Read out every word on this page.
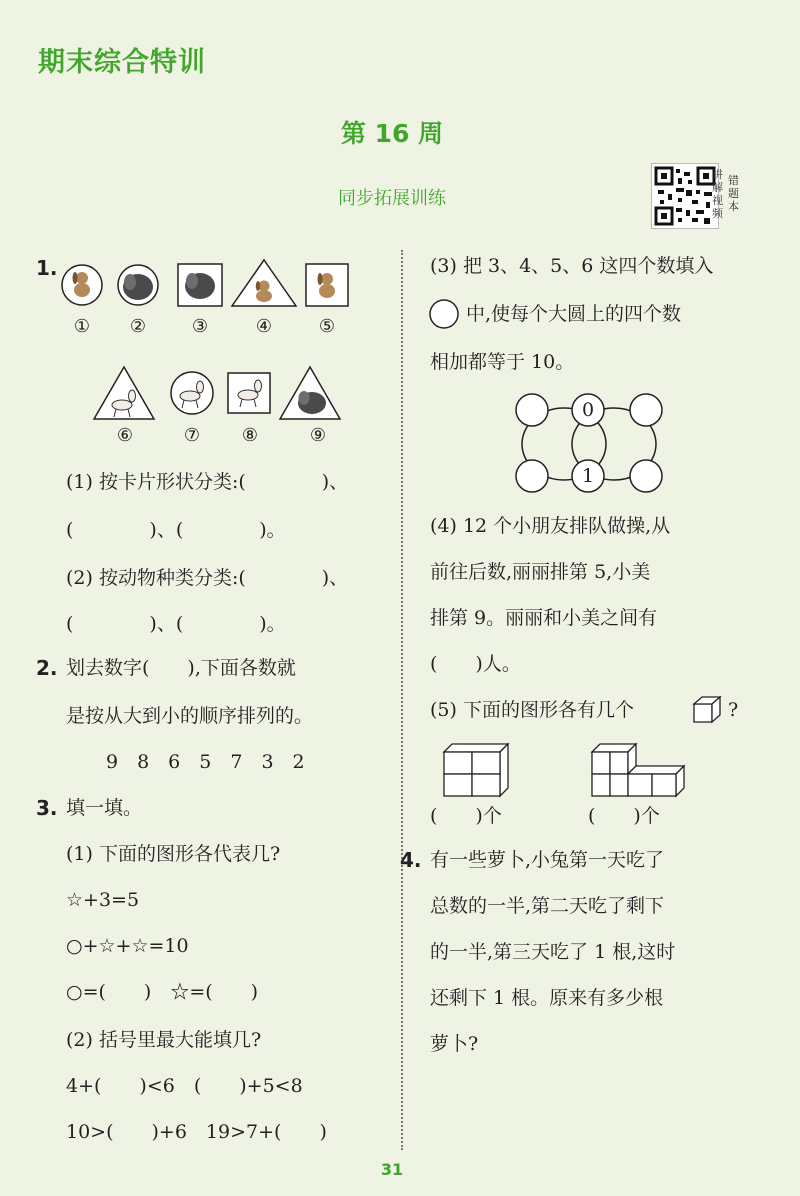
期末综合特训
第 16 周
同步拓展训练
讲解视频
错题本
1.
①	②	③	④	⑤
⑥	⑦	⑧	⑨
(1) 按卡片形状分类:(　　　　)、
(　　　　)、(　　　　)。
(2) 按动物种类分类:(　　　　)、
(　　　　)、(　　　　)。
2. 划去数字(　　),下面各数就
是按从大到小的顺序排列的。
9　8　6　5　7　3　2
3. 填一填。
(1) 下面的图形各代表几?
☆+3=5
○+☆+☆=10
○=(　　)　☆=(　　)
(2) 括号里最大能填几?
4+(　　)<6　(　　)+5<8
10>(　　)+6　19>7+(　　)
(3) 把 3、4、5、6 这四个数填入
中,使每个大圆上的四个数
相加都等于 10。
0
1
(4) 12 个小朋友排队做操,从
前往后数,丽丽排第 5,小美
排第 9。丽丽和小美之间有
(　　)人。
(5) 下面的图形各有几个	?
(　　)个	(　　)个
4. 有一些萝卜,小兔第一天吃了
总数的一半,第二天吃了剩下
的一半,第三天吃了 1 根,这时
还剩下 1 根。原来有多少根
萝卜?
31
